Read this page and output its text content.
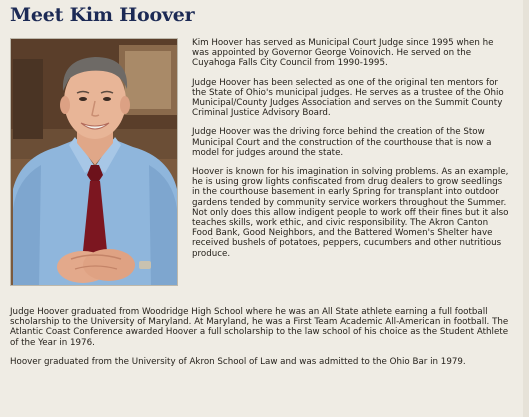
Meet Kim Hoover

Kim Hoover has served as Municipal Court Judge since 1995 when he was appointed by Governor George Voinovich. He served on the Cuyahoga Falls City Council from 1990-1995.

Judge Hoover has been selected as one of the original ten mentors for the State of Ohio's municipal judges. He serves as a trustee of the Ohio Municipal/County Judges Association and serves on the Summit County Criminal Justice Advisory Board.

Judge Hoover was the driving force behind the creation of the Stow Municipal Court and the construction of the courthouse that is now a model for judges around the state.

Hoover is known for his imagination in solving problems. As an example, he is using grow lights confiscated from drug dealers to grow seedlings in the courthouse basement in early Spring for transplant into outdoor gardens tended by community service workers throughout the Summer. Not only does this allow indigent people to work off their fines but it also teaches skills, work ethic, and civic responsibility. The Akron Canton Food Bank, Good Neighbors, and the Battered Women's Shelter have received bushels of potatoes, peppers, cucumbers and other nutritious produce.

Judge Hoover graduated from Woodridge High School where he was an All State athlete earning a full football scholarship to the University of Maryland. At Maryland, he was a First Team Academic All-American in football. The Atlantic Coast Conference awarded Hoover a full scholarship to the law school of his choice as the Student Athlete of the Year in 1976.

Hoover graduated from the University of Akron School of Law and was admitted to the Ohio Bar in 1979.
